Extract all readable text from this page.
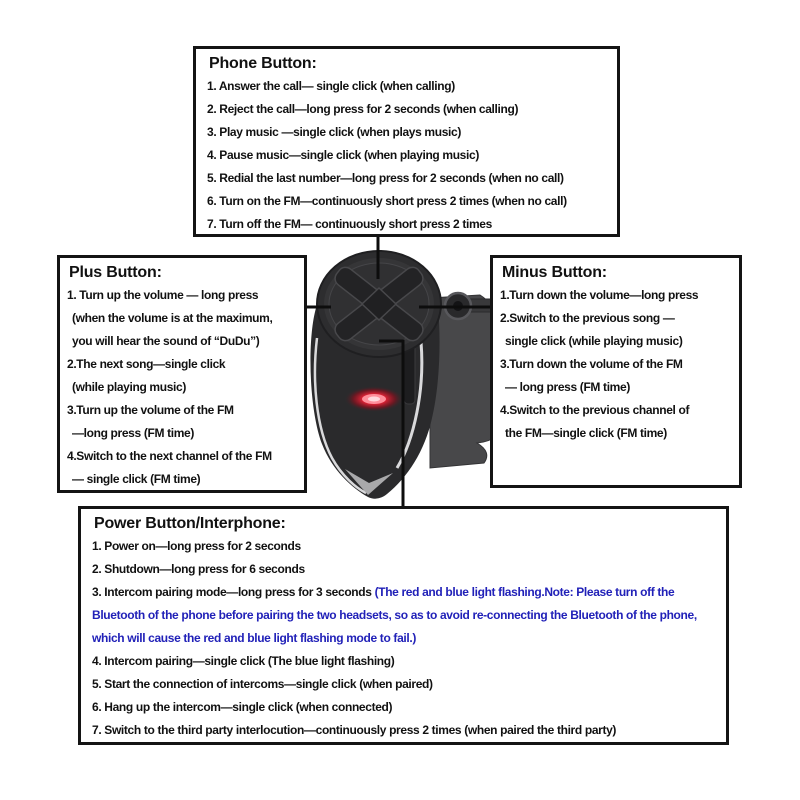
Phone Button:
1. Answer the call— single click (when calling)
2. Reject the call—long press for 2 seconds (when calling)
3. Play music —single click (when plays music)
4. Pause music—single click (when playing music)
5. Redial the last number—long press for 2 seconds (when no call)
6. Turn on the FM—continuously short press 2 times (when no call)
7. Turn off the FM— continuously short press 2 times
Plus Button:
1. Turn up the volume — long press
(when the volume is at the maximum,
you will hear the sound of “DuDu”)
2.The next song—single click
(while playing music)
3.Turn up the volume of the FM
—long press (FM time)
4.Switch to the next channel of the FM
— single click (FM time)
Minus Button:
1.Turn down the volume—long press
2.Switch to the previous song —
single click (while playing music)
3.Turn down the volume of the FM
— long press (FM time)
4.Switch to the previous channel of
the FM—single click (FM time)
Power Button/Interphone:
1. Power on—long press for 2 seconds
2. Shutdown—long press for 6 seconds
3. Intercom pairing mode—long press for 3 seconds (The red and blue light flashing.Note: Please turn off the Bluetooth of the phone before pairing the two headsets, so as to avoid re-connecting the Bluetooth of the phone, which will cause the red and blue light flashing mode to fail.)
4. Intercom pairing—single click (The blue light flashing)
5. Start the connection of intercoms—single click (when paired)
6. Hang up the intercom—single click (when connected)
7. Switch to the third party interlocution—continuously press 2 times (when paired the third party)
